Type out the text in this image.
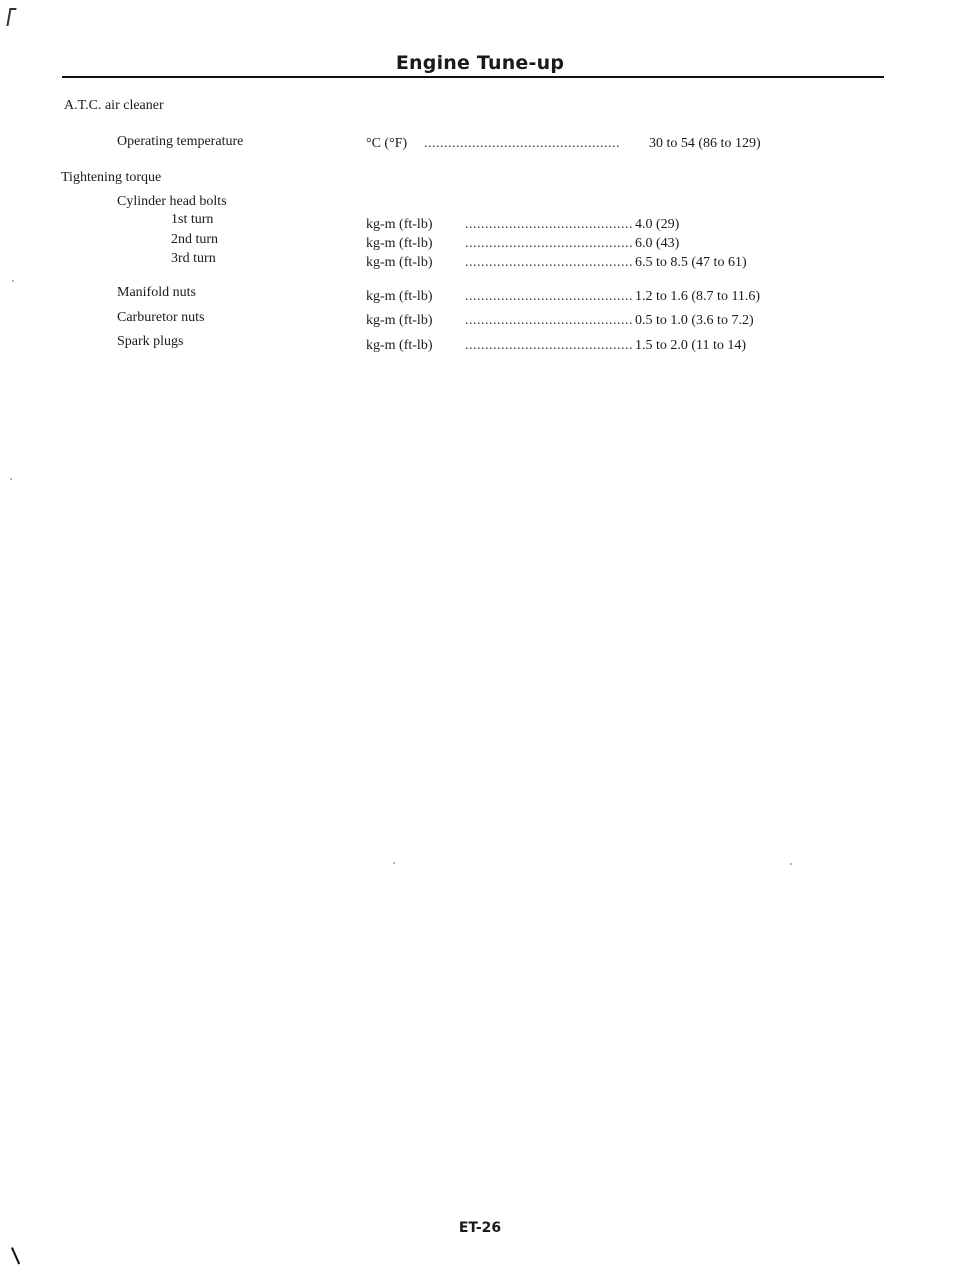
Engine Tune-up
A.T.C. air cleaner
Operating temperature
Tightening torque
Cylinder head bolts
1st turn
2nd turn
3rd turn
Manifold nuts
Carburetor nuts
Spark plugs
°C (°F)
kg-m (ft-lb)
kg-m (ft-lb)
kg-m (ft-lb)
kg-m (ft-lb)
kg-m (ft-lb)
kg-m (ft-lb)
.................................................
..........................................
..........................................
..........................................
..........................................
..........................................
..........................................
30 to 54 (86 to 129)
4.0 (29)
6.0 (43)
6.5 to 8.5 (47 to 61)
1.2 to 1.6 (8.7 to 11.6)
0.5 to 1.0 (3.6 to 7.2)
1.5 to 2.0 (11 to 14)
ET-26
